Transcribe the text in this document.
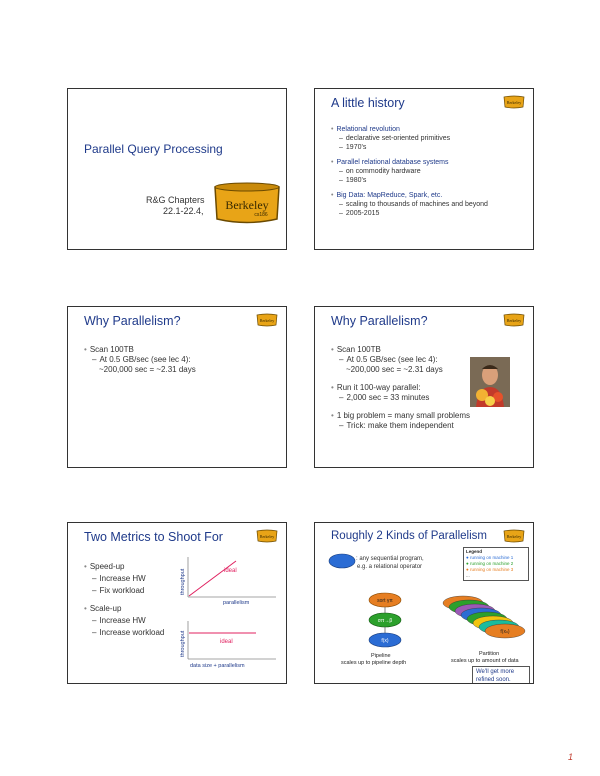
Parallel Query Processing
R&G Chapters
22.1-22.4, Berkeley
cs186
A little history	Berkeley
• Relational revolution
– declarative set-oriented primitives
– 1970's
• Parallel relational database systems
– on commodity hardware
– 1980's
• Big Data: MapReduce, Spark, etc.
– scaling to thousands of machines and beyond
– 2005-2015
Why Parallelism?	Berkeley
• Scan 100TB
– At 0.5 GB/sec (see lec 4):
~200,000 sec = ~2.31 days
Why Parallelism?	Berkeley
• Scan 100TB
– At 0.5 GB/sec (see lec 4):
~200,000 sec = ~2.31 days
• Run it 100-way parallel:
– 2,000 sec = 33 minutes
• 1 big problem = many small problems
– Trick: make them independent
Two Metrics to Shoot For	Berkeley
• Speed-up
– Increase HW
– Fix workload
• Scale-up
– Increase HW
– Increase workload
ideal
throughput
parallelism
ideal
throughput
data size + parallelism
Roughly 2 Kinds of Parallelism	Berkeley
: any sequential program,
e.g. a relational operator
Legend
● running on machine 1
● running on machine 2
● running on machine 3
...
sort γπ
σπ→β
f(x)
Pipeline
scales up to pipeline depth
f(xₙ)
Partition
scales up to amount of data
We'll get more
refined soon.
1
